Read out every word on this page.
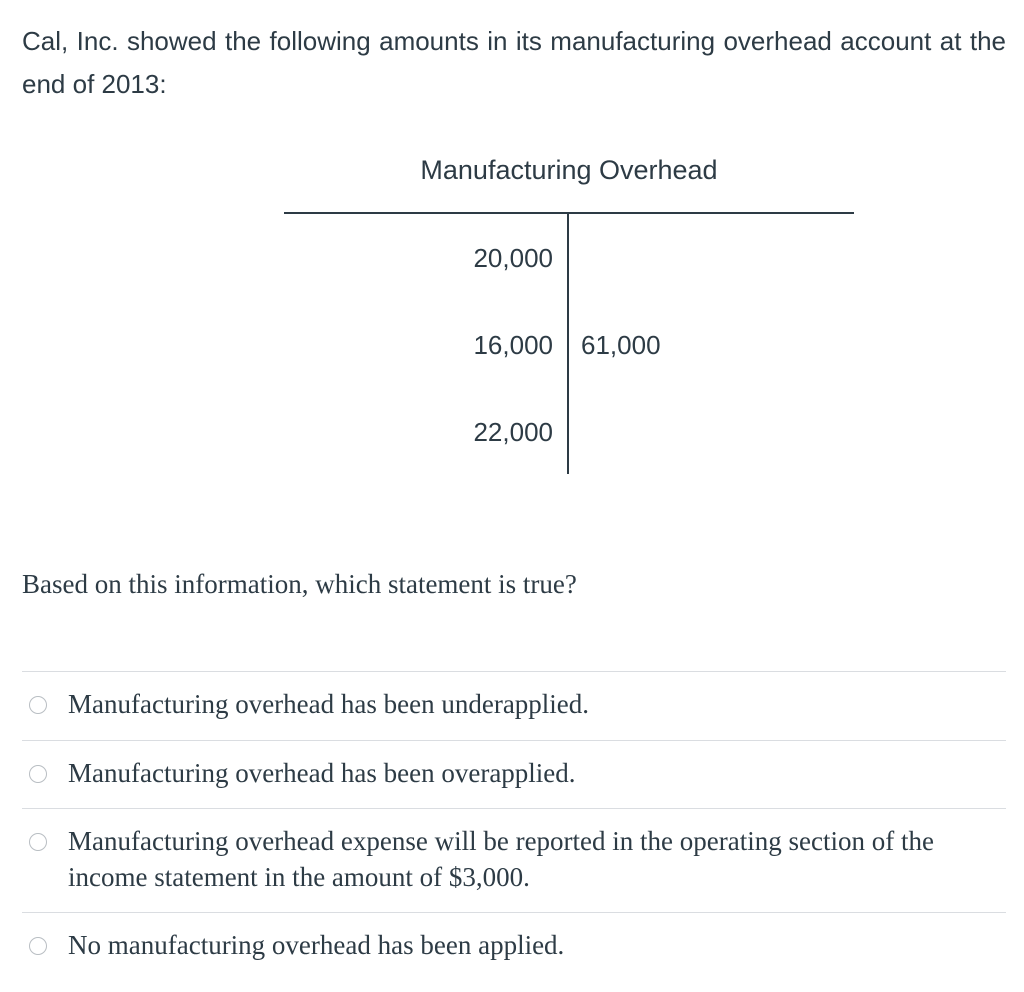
Cal, Inc. showed the following amounts in its manufacturing overhead account at the end of 2013:

Manufacturing Overhead
20,000
16,000
22,000
61,000

Based on this information, which statement is true?

Manufacturing overhead has been underapplied.
Manufacturing overhead has been overapplied.
Manufacturing overhead expense will be reported in the operating section of the income statement in the amount of $3,000.
No manufacturing overhead has been applied.
